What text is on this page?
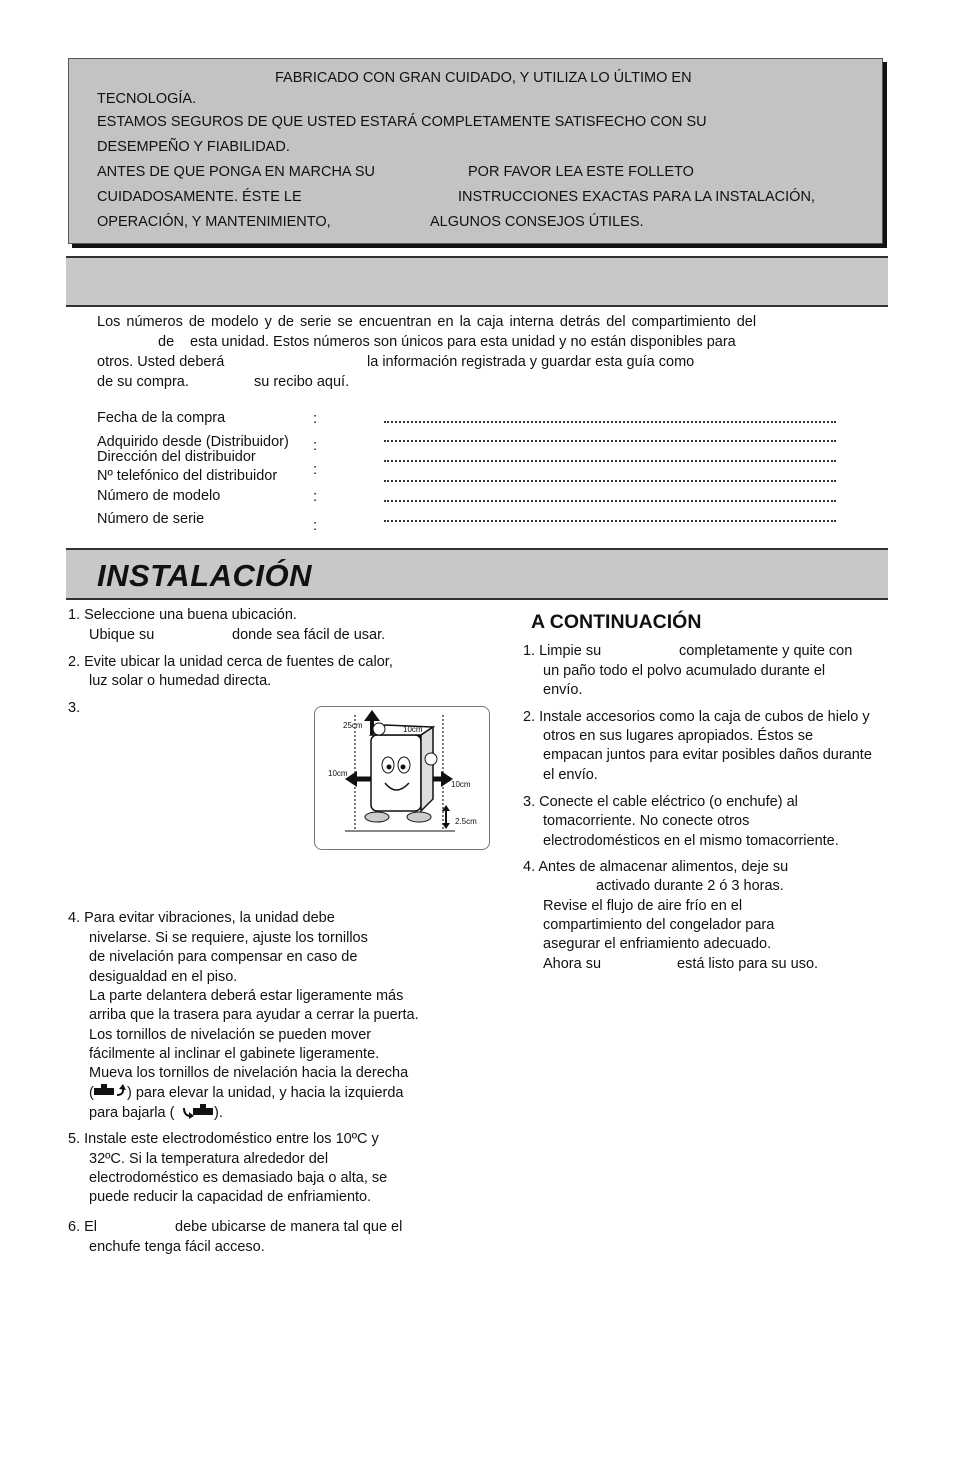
FABRICADO CON GRAN CUIDADO, Y UTILIZA LO ÚLTIMO EN
TECNOLOGÍA.
ESTAMOS SEGUROS DE QUE USTED ESTARÁ COMPLETAMENTE SATISFECHO CON SU
DESEMPEÑO Y FIABILIDAD.
ANTES DE QUE PONGA EN MARCHA SU	POR FAVOR LEA ESTE FOLLETO
CUIDADOSAMENTE. ÉSTE LE	INSTRUCCIONES EXACTAS PARA LA INSTALACIÓN,
OPERACIÓN, Y MANTENIMIENTO,	ALGUNOS CONSEJOS ÚTILES.
Los números de modelo y de serie se encuentran en la caja interna detrás del compartimiento del
de esta unidad. Estos números son únicos para esta unidad y no están disponibles para
otros. Usted deberá	la información registrada y guardar esta guía como
de su compra.	su recibo aquí.
Fecha de la compra	:
Adquirido desde (Distribuidor) :
Dirección del distribuidor
Nº telefónico del distribuidor :
Número de modelo	:
Número de serie	:
INSTALACIÓN
1. Seleccione una buena ubicación.
Ubique su	donde sea fácil de usar.
2. Evite ubicar la unidad cerca de fuentes de calor,
luz solar o humedad directa.
3.
25cm	10cm
10cm
10cm
2.5cm
4. Para evitar vibraciones, la unidad debe
nivelarse. Si se requiere, ajuste los tornillos
de nivelación para compensar en caso de
desigualdad en el piso.
La parte delantera deberá estar ligeramente más
arriba que la trasera para ayudar a cerrar la puerta.
Los tornillos de nivelación se pueden mover
fácilmente al inclinar el gabinete ligeramente.
Mueva los tornillos de nivelación hacia la derecha
( ) para elevar la unidad, y hacia la izquierda
para bajarla (	).
5. Instale este electrodoméstico entre los 10ºC y
32ºC. Si la temperatura alrededor del
electrodoméstico es demasiado baja o alta, se
puede reducir la capacidad de enfriamiento.
6. El	debe ubicarse de manera tal que el
enchufe tenga fácil acceso.
A CONTINUACIÓN
1. Limpie su	completamente y quite con
un paño todo el polvo acumulado durante el
envío.
2. Instale accesorios como la caja de cubos de hielo y
otros en sus lugares apropiados. Éstos se
empacan juntos para evitar posibles daños durante
el envío.
3. Conecte el cable eléctrico (o enchufe) al
tomacorriente. No conecte otros
electrodomésticos en el mismo tomacorriente.
4. Antes de almacenar alimentos, deje su
activado durante 2 ó 3 horas.
Revise el flujo de aire frío en el
compartimiento del congelador para
asegurar el enfriamiento adecuado.
Ahora su	está listo para su uso.
